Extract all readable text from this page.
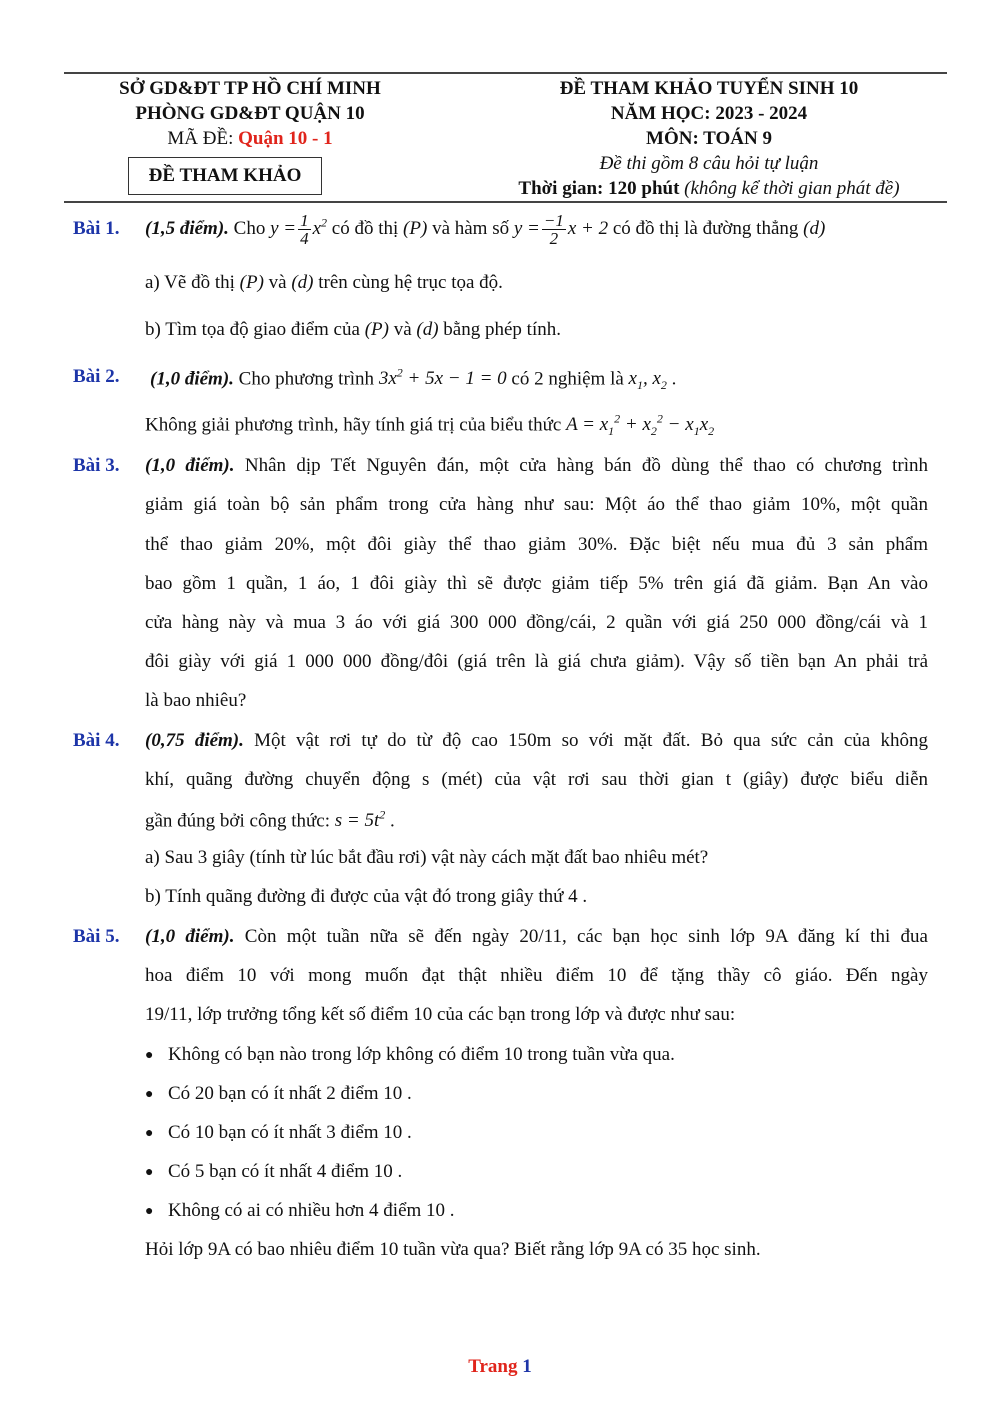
SỞ GD&ĐT TP HỒ CHÍ MINH
PHÒNG GD&ĐT QUẬN 10
MÃ ĐỀ: Quận 10 - 1
ĐỀ THAM KHẢO
ĐỀ THAM KHẢO TUYỂN SINH 10
NĂM HỌC: 2023 - 2024
MÔN: TOÁN 9
Đề thi gồm 8 câu hỏi tự luận
Thời gian: 120 phút (không kể thời gian phát đề)
Bài 1. (1,5 điểm). Cho $y = \frac{1}{4} x^2$ có đồ thị (P) và hàm số $y = \frac{-1}{2}$ x + 2 có đồ thị là đường thẳng (d)
a) Vẽ đồ thị (P) và (d) trên cùng hệ trục tọa độ.
b) Tìm tọa độ giao điểm của (P) và (d) bằng phép tính.
Bài 2. (1,0 điểm). Cho phương trình $3x^2 + 5x - 1 = 0$ có 2 nghiệm là $x_1$, $x_2$ .
Không giải phương trình, hãy tính giá trị của biểu thức $A = x_1^2 + x_2^2 - x_1x_2$
Bài 3. (1,0 điểm). Nhân dịp Tết Nguyên đán, một cửa hàng bán đồ dùng thể thao có chương trình
giảm giá toàn bộ sản phẩm trong cửa hàng như sau: Một áo thể thao giảm 10%, một quần
thể thao giảm 20%, một đôi giày thể thao giảm 30%. Đặc biệt nếu mua đủ 3 sản phẩm
bao gồm 1 quần, 1 áo, 1 đôi giày thì sẽ được giảm tiếp 5% trên giá đã giảm. Bạn An vào
cửa hàng này và mua 3 áo với giá 300 000 đồng/cái, 2 quần với giá 250 000 đồng/cái và 1
đôi giày với giá 1 000 000 đồng/đôi (giá trên là giá chưa giảm). Vậy số tiền bạn An phải trả
là bao nhiêu?
Bài 4. (0,75 điểm). Một vật rơi tự do từ độ cao 150m so với mặt đất. Bỏ qua sức cản của không
khí, quãng đường chuyển động s (mét) của vật rơi sau thời gian t (giây) được biểu diễn
gần đúng bởi công thức: $s = 5t^2$ .
a) Sau 3 giây (tính từ lúc bắt đầu rơi) vật này cách mặt đất bao nhiêu mét?
b) Tính quãng đường đi được của vật đó trong giây thứ 4 .
Bài 5. (1,0 điểm). Còn một tuần nữa sẽ đến ngày 20/11, các bạn học sinh lớp 9A đăng kí thi đua
hoa điểm 10 với mong muốn đạt thật nhiều điểm 10 để tặng thầy cô giáo. Đến ngày
19/11, lớp trưởng tổng kết số điểm 10 của các bạn trong lớp và được như sau:
● Không có bạn nào trong lớp không có điểm 10 trong tuần vừa qua.
● Có 20 bạn có ít nhất 2 điểm 10 .
● Có 10 bạn có ít nhất 3 điểm 10 .
● Có 5 bạn có ít nhất 4 điểm 10 .
● Không có ai có nhiều hơn 4 điểm 10 .
Hỏi lớp 9A có bao nhiêu điểm 10 tuần vừa qua? Biết rằng lớp 9A có 35 học sinh.
Trang 1
